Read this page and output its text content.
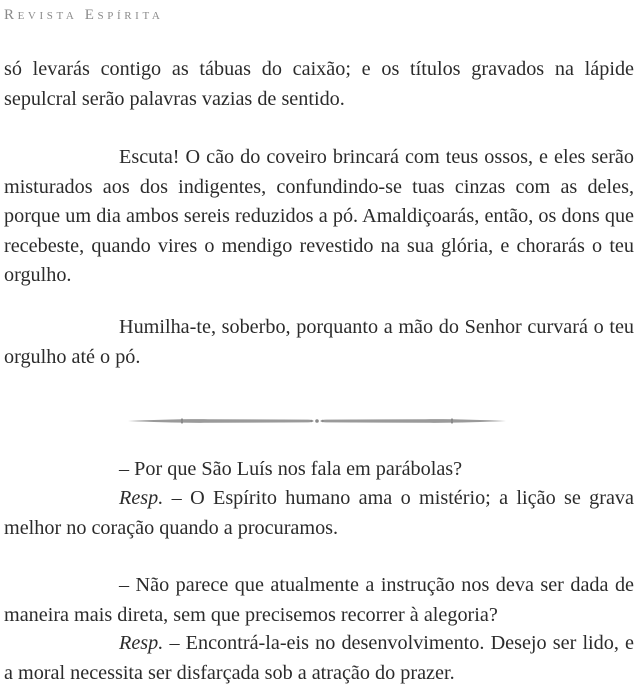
Revista Espírita

só levarás contigo as tábuas do caixão; e os títulos gravados na lápide sepulcral serão palavras vazias de sentido.

Escuta! O cão do coveiro brincará com teus ossos, e eles serão misturados aos dos indigentes, confundindo-se tuas cinzas com as deles, porque um dia ambos sereis reduzidos a pó. Amaldiçoarás, então, os dons que recebeste, quando vires o mendigo revestido na sua glória, e chorarás o teu orgulho.

Humilha-te, soberbo, porquanto a mão do Senhor curvará o teu orgulho até o pó.

– Por que São Luís nos fala em parábolas?

Resp. – O Espírito humano ama o mistério; a lição se grava melhor no coração quando a procuramos.

– Não parece que atualmente a instrução nos deva ser dada de maneira mais direta, sem que precisemos recorrer à alegoria?

Resp. – Encontrá-la-eis no desenvolvimento. Desejo ser lido, e a moral necessita ser disfarçada sob a atração do prazer.
